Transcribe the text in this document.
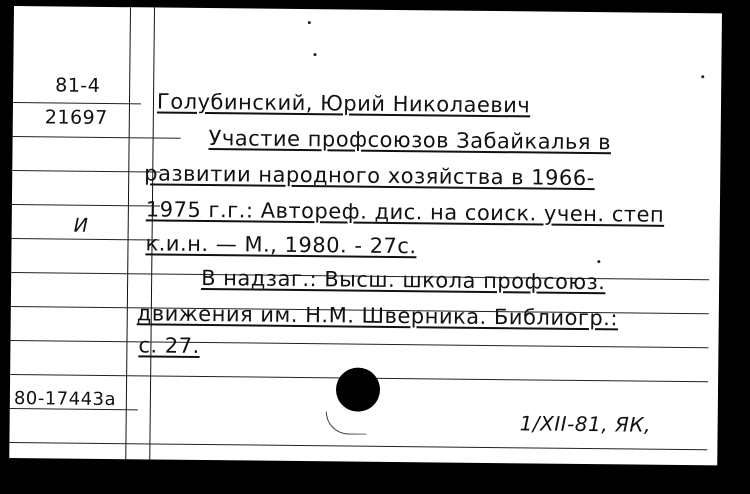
81-4
21697
И
80-17443а
Голубинский, Юрий Николаевич
Участие профсоюзов Забайкалья в
развитии народного хозяйства в 1966-
1975 г.г.: Автореф. дис. на соиск. учен. степ
к.и.н. — М., 1980. - 27с.
В надзаг.: Высш. школа профсоюз.
движения им. Н.М. Шверника. Библиогр.:
с. 27.
1/XII-81, ЯК,
